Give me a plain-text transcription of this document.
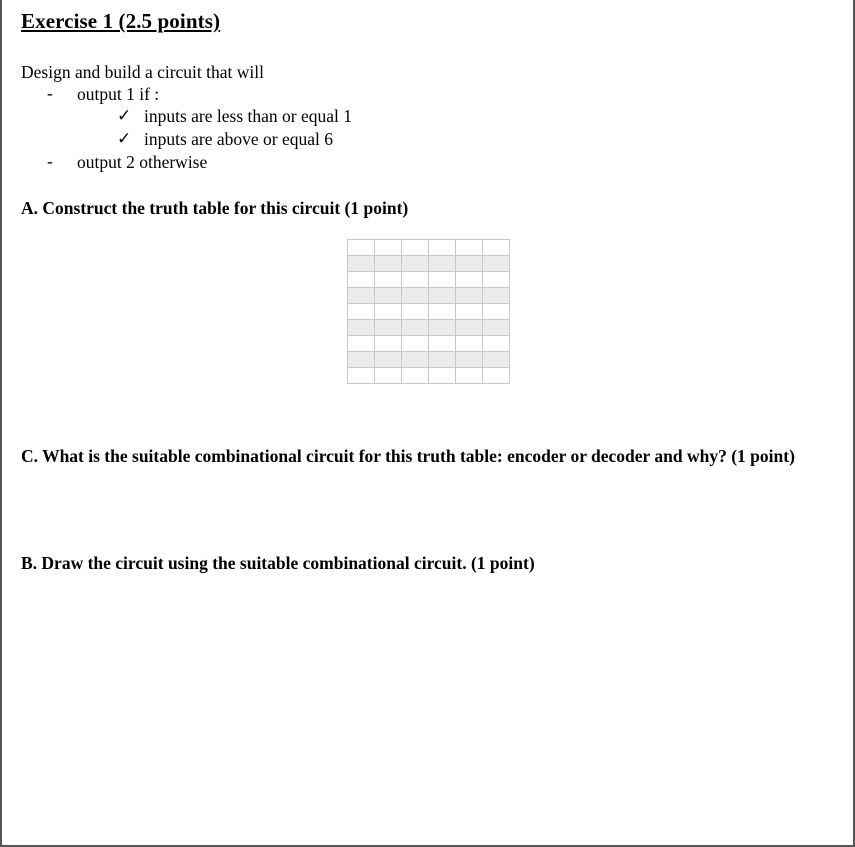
Exercise 1 (2.5 points)
Design and build a circuit that will
- output 1 if :
✓ inputs are less than or equal 1
✓ inputs are above or equal 6
- output 2 otherwise
A. Construct the truth table for this circuit (1 point)

C. What is the suitable combinational circuit for this truth table: encoder or decoder and why? (1 point)
B. Draw the circuit using the suitable combinational circuit. (1 point)
